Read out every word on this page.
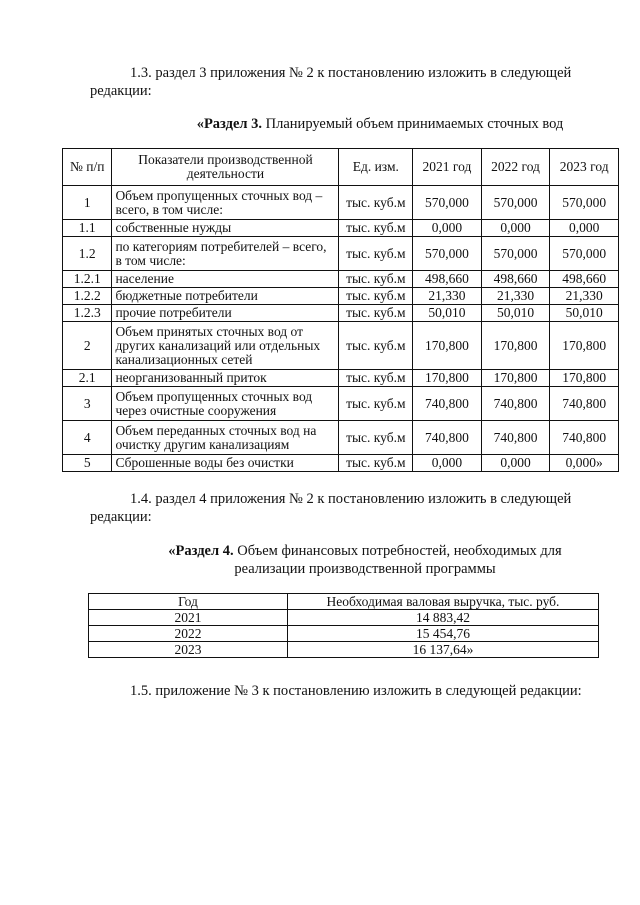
1.3. раздел 3 приложения № 2 к постановлению изложить в следующей
редакции:

«Раздел 3. Планируемый объем принимаемых сточных вод

№ п/п	Показатели производственной деятельности	Ед. изм.	2021 год	2022 год	2023 год
1	Объем пропущенных сточных вод – всего, в том числе:	тыс. куб.м	570,000	570,000	570,000
1.1	собственные нужды	тыс. куб.м	0,000	0,000	0,000
1.2	по категориям потребителей – всего, в том числе:	тыс. куб.м	570,000	570,000	570,000
1.2.1	население	тыс. куб.м	498,660	498,660	498,660
1.2.2	бюджетные потребители	тыс. куб.м	21,330	21,330	21,330
1.2.3	прочие потребители	тыс. куб.м	50,010	50,010	50,010
2	Объем принятых сточных вод от других канализаций или отдельных канализационных сетей	тыс. куб.м	170,800	170,800	170,800
2.1	неорганизованный приток	тыс. куб.м	170,800	170,800	170,800
3	Объем пропущенных сточных вод через очистные сооружения	тыс. куб.м	740,800	740,800	740,800
4	Объем переданных сточных вод на очистку другим канализациям	тыс. куб.м	740,800	740,800	740,800
5	Сброшенные воды без очистки	тыс. куб.м	0,000	0,000	0,000»

1.4. раздел 4 приложения № 2 к постановлению изложить в следующей
редакции:

«Раздел 4. Объем финансовых потребностей, необходимых для
реализации производственной программы

Год	Необходимая валовая выручка, тыс. руб.
2021	14 883,42
2022	15 454,76
2023	16 137,64»

1.5. приложение № 3 к постановлению изложить в следующей редакции:
